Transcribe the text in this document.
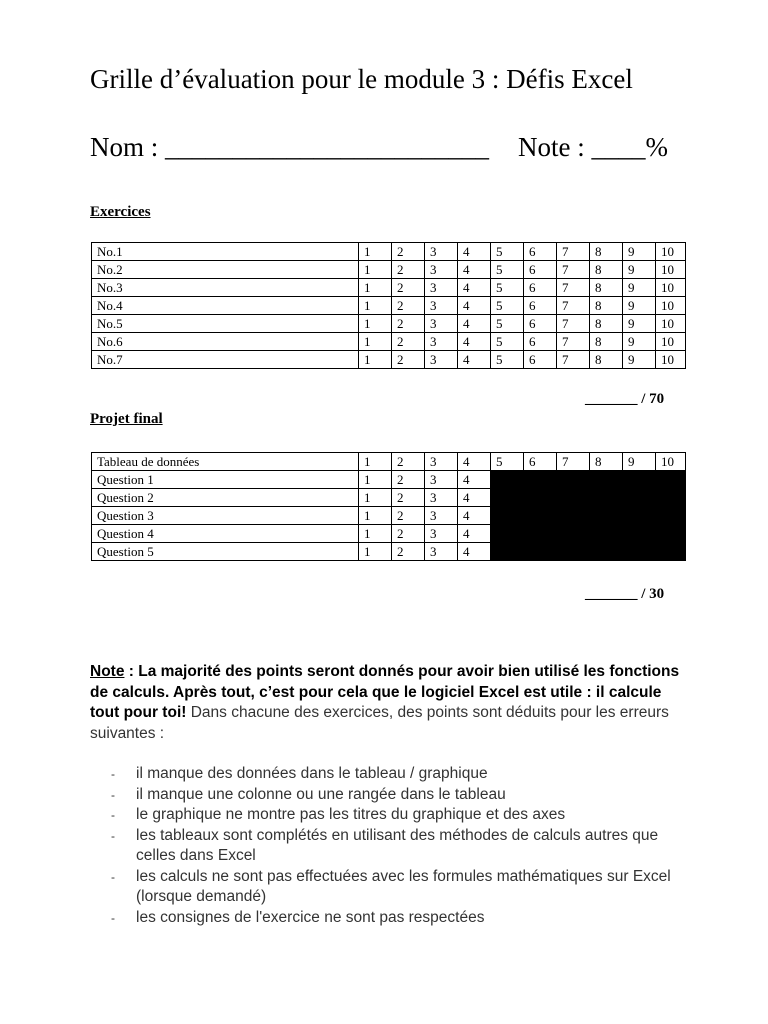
Grille d’évaluation pour le module 3 : Défis Excel
Nom : ________________________ Note : ____%
Exercices
No.1	1	2	3	4	5	6	7	8	9	10
No.2	1	2	3	4	5	6	7	8	9	10
No.3	1	2	3	4	5	6	7	8	9	10
No.4	1	2	3	4	5	6	7	8	9	10
No.5	1	2	3	4	5	6	7	8	9	10
No.6	1	2	3	4	5	6	7	8	9	10
No.7	1	2	3	4	5	6	7	8	9	10
_______ / 70
Projet final
Tableau de données	1	2	3	4	5	6	7	8	9	10
Question 1	1	2	3	4						
Question 2	1	2	3	4						
Question 3	1	2	3	4						
Question 4	1	2	3	4						
Question 5	1	2	3	4						
_______ / 30
Note : La majorité des points seront donnés pour avoir bien utilisé les fonctions de calculs. Après tout, c’est pour cela que le logiciel Excel est utile : il calcule tout pour toi! Dans chacune des exercices, des points sont déduits pour les erreurs suivantes :
- il manque des données dans le tableau / graphique
- il manque une colonne ou une rangée dans le tableau
- le graphique ne montre pas les titres du graphique et des axes
- les tableaux sont complétés en utilisant des méthodes de calculs autres que celles dans Excel
- les calculs ne sont pas effectuées avec les formules mathématiques sur Excel (lorsque demandé)
- les consignes de l'exercice ne sont pas respectées
